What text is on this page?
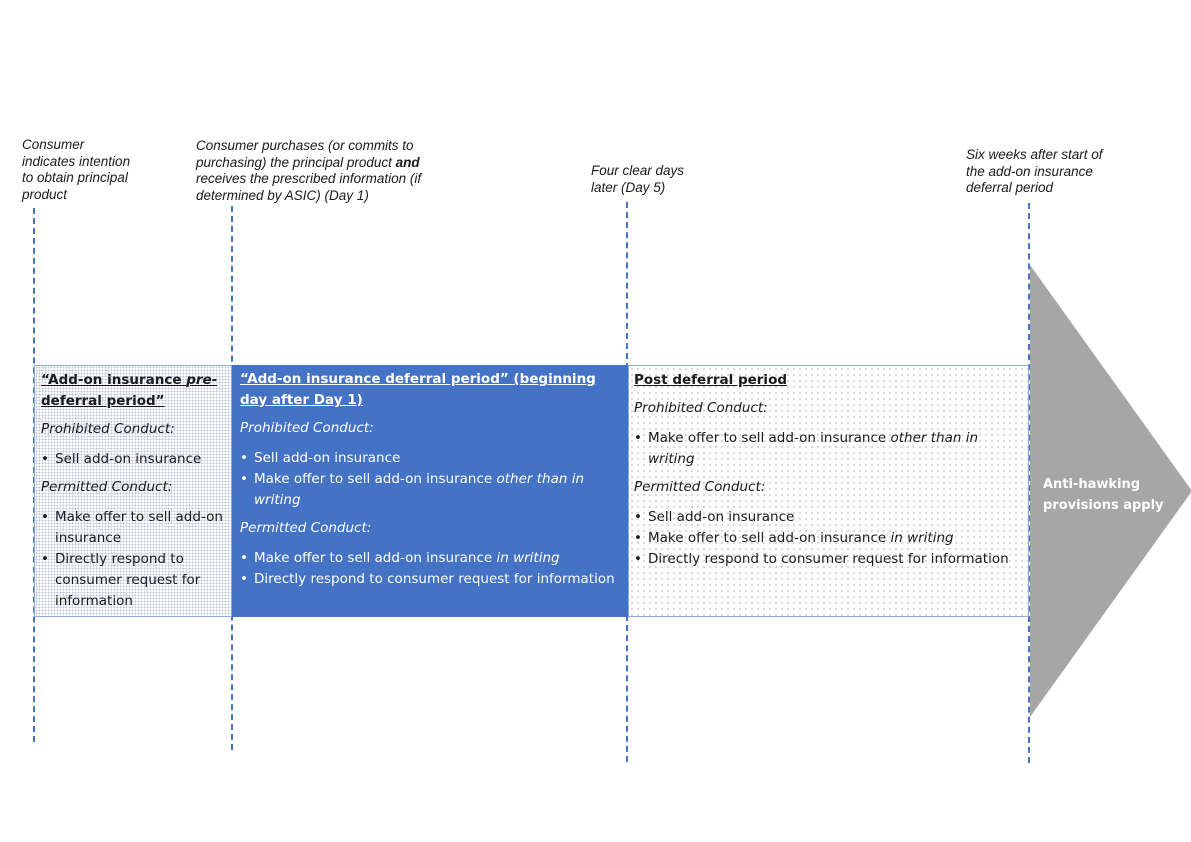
Consumer
indicates intention
to obtain principal
product
Consumer purchases (or commits to
purchasing) the principal product and
receives the prescribed information (if
determined by ASIC) (Day 1)
Four clear days
later (Day 5)
Six weeks after start of
the add-on insurance
deferral period
“Add-on insurance pre-deferral period”
Prohibited Conduct:
• Sell add-on insurance
Permitted Conduct:
• Make offer to sell add-on insurance
• Directly respond to consumer request for information
“Add-on insurance deferral period” (beginning day after Day 1)
Prohibited Conduct:
• Sell add-on insurance
• Make offer to sell add-on insurance other than in writing
Permitted Conduct:
• Make offer to sell add-on insurance in writing
• Directly respond to consumer request for information
Post deferral period
Prohibited Conduct:
• Make offer to sell add-on insurance other than in writing
Permitted Conduct:
• Sell add-on insurance
• Make offer to sell add-on insurance in writing
• Directly respond to consumer request for information
Anti-hawking provisions apply
